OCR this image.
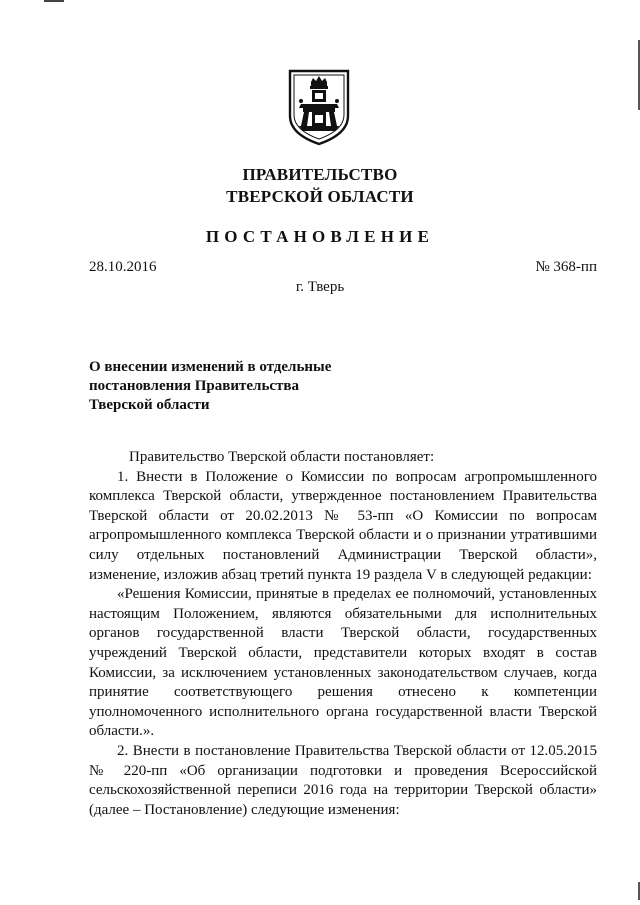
ПРАВИТЕЛЬСТВО
ТВЕРСКОЙ ОБЛАСТИ
ПОСТАНОВЛЕНИЕ
28.10.2016	№ 368-пп
г. Тверь
О внесении изменений в отдельные
постановления Правительства
Тверской области

Правительство Тверской области постановляет:

1. Внести в Положение о Комиссии по вопросам агропромышленного комплекса Тверской области, утвержденное постановлением Правительства Тверской области от 20.02.2013 № 53-пп «О Комиссии по вопросам агропромышленного комплекса Тверской области и о признании утратившими силу отдельных постановлений Администрации Тверской области», изменение, изложив абзац третий пункта 19 раздела V в следующей редакции:

«Решения Комиссии, принятые в пределах ее полномочий, установленных настоящим Положением, являются обязательными для исполнительных органов государственной власти Тверской области, государственных учреждений Тверской области, представители которых входят в состав Комиссии, за исключением установленных законодательством случаев, когда принятие соответствующего решения отнесено к компетенции уполномоченного исполнительного органа государственной власти Тверской области.».

2. Внести в постановление Правительства Тверской области от 12.05.2015 № 220-пп «Об организации подготовки и проведения Всероссийской сельскохозяйственной переписи 2016 года на территории Тверской области» (далее – Постановление) следующие изменения:
